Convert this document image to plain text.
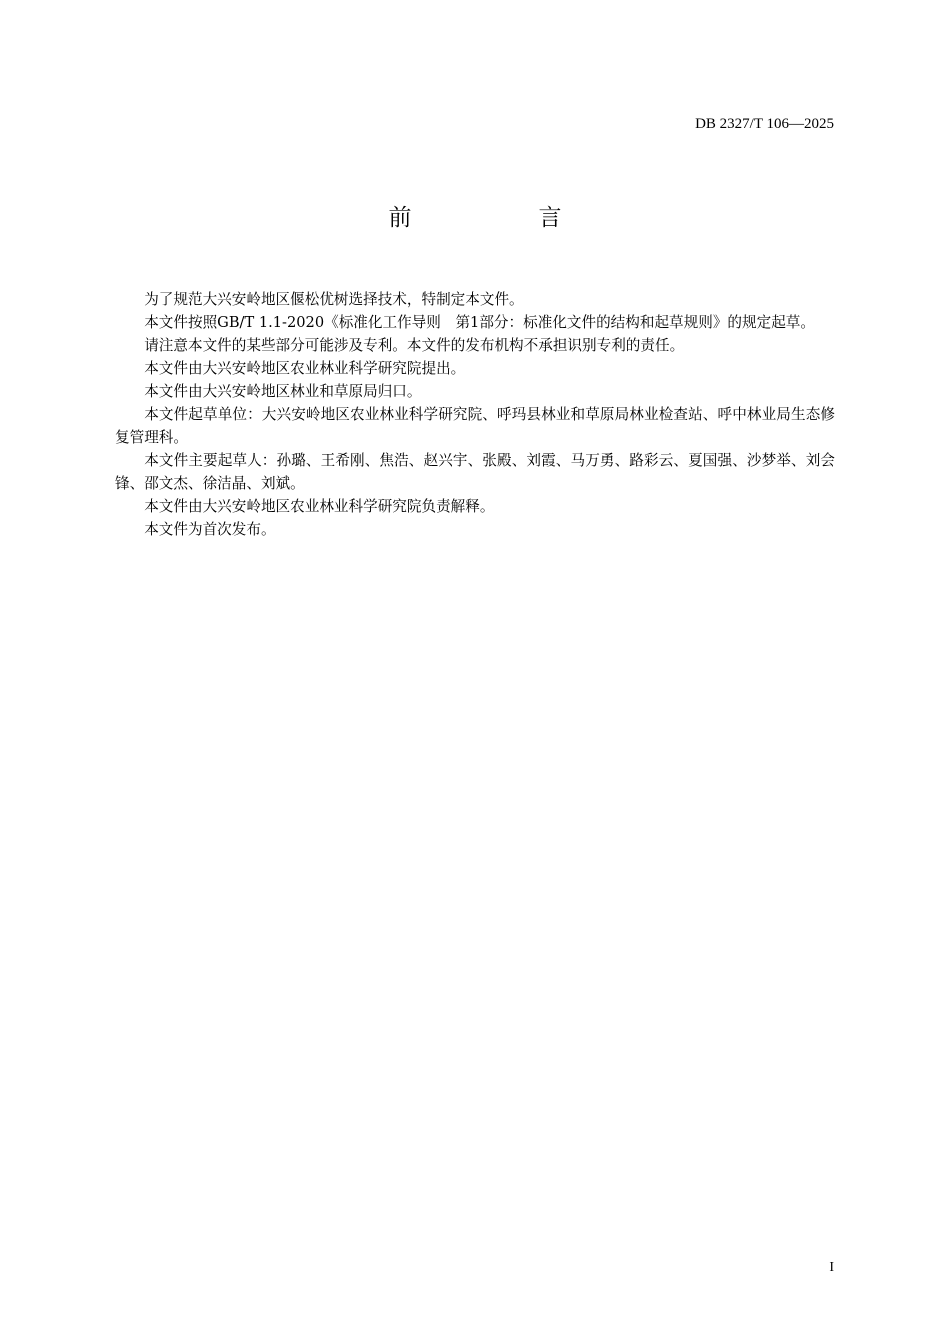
DB 2327/T 106—2025
前　言

为了规范大兴安岭地区偃松优树选择技术，特制定本文件。

本文件按照GB/T 1.1-2020《标准化工作导则　第1部分：标准化文件的结构和起草规则》的规定起草。

请注意本文件的某些部分可能涉及专利。本文件的发布机构不承担识别专利的责任。

本文件由大兴安岭地区农业林业科学研究院提出。

本文件由大兴安岭地区林业和草原局归口。

本文件起草单位：大兴安岭地区农业林业科学研究院、呼玛县林业和草原局林业检查站、呼中林业局生态修复管理科。

本文件主要起草人：孙璐、王希刚、焦浩、赵兴宇、张殿、刘霞、马万勇、路彩云、夏国强、沙梦举、刘会锋、邵文杰、徐洁晶、刘斌。

本文件由大兴安岭地区农业林业科学研究院负责解释。

本文件为首次发布。

I
